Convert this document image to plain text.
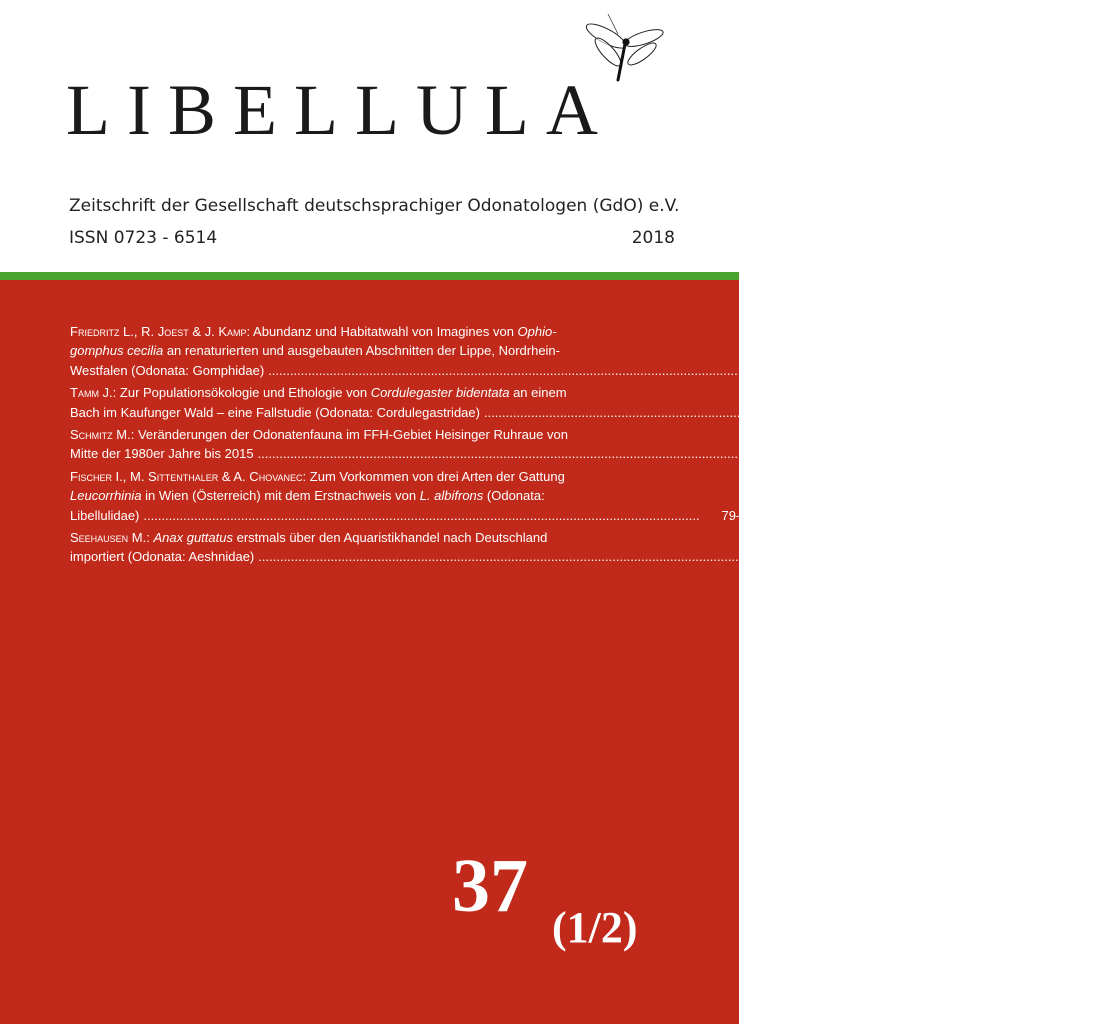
LIBELLULA
Zeitschrift der Gesellschaft deutschsprachiger Odonatologen (GdO) e.V.
ISSN 0723 - 6514	2018
Friedritz L., R. Joest & J. Kamp: Abundanz und Habitatwahl von Imagines von Ophio-
gomphus cecilia an renaturierten und ausgebauten Abschnitten der Lippe, Nordrhein-
Westfalen (Odonata: Gomphidae) ..........................................................................................................................................................	1–22
Tamm J.: Zur Populationsökologie und Ethologie von Cordulegaster bidentata an einem
Bach im Kaufunger Wald – eine Fallstudie (Odonata: Cordulegastridae) ..........................................................................................................................................................	23–54
Schmitz M.: Veränderungen der Odonatenfauna im FFH-Gebiet Heisinger Ruhraue von
Mitte der 1980er Jahre bis 2015 ..........................................................................................................................................................	55–78
Fischer I., M. Sittenthaler & A. Chovanec: Zum Vorkommen von drei Arten der Gattung
Leucorrhinia in Wien (Österreich) mit dem Erstnachweis von L. albifrons (Odonata:
Libellulidae) ..........................................................................................................................................................	79–90
Seehausen M.: Anax guttatus erstmals über den Aquaristikhandel nach Deutschland
importiert (Odonata: Aeshnidae) ..........................................................................................................................................................	91–96
37 (1/2)
